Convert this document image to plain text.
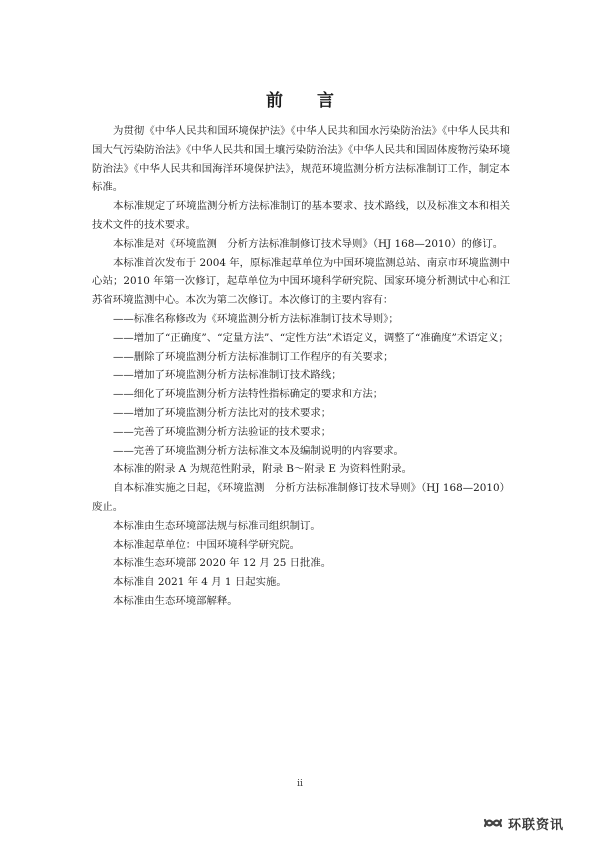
前 言

为贯彻《中华人民共和国环境保护法》《中华人民共和国水污染防治法》《中华人民共和国大气污染防治法》《中华人民共和国土壤污染防治法》《中华人民共和国固体废物污染环境防治法》《中华人民共和国海洋环境保护法》，规范环境监测分析方法标准制订工作，制定本标准。

本标准规定了环境监测分析方法标准制订的基本要求、技术路线，以及标准文本和相关技术文件的技术要求。

本标准是对《环境监测　分析方法标准制修订技术导则》（HJ 168—2010）的修订。

本标准首次发布于 2004 年，原标准起草单位为中国环境监测总站、南京市环境监测中心站；2010 年第一次修订，起草单位为中国环境科学研究院、国家环境分析测试中心和江苏省环境监测中心。本次为第二次修订。本次修订的主要内容有：

——标准名称修改为《环境监测分析方法标准制订技术导则》；

——增加了“正确度”、“定量方法”、“定性方法”术语定义，调整了“准确度”术语定义；

——删除了环境监测分析方法标准制订工作程序的有关要求；

——增加了环境监测分析方法标准制订技术路线；

——细化了环境监测分析方法特性指标确定的要求和方法；

——增加了环境监测分析方法比对的技术要求；

——完善了环境监测分析方法验证的技术要求；

——完善了环境监测分析方法标准文本及编制说明的内容要求。

本标准的附录 A 为规范性附录，附录 B～附录 E 为资料性附录。

自本标准实施之日起，《环境监测　分析方法标准制修订技术导则》（HJ 168—2010）废止。

本标准由生态环境部法规与标准司组织制订。

本标准起草单位：中国环境科学研究院。

本标准生态环境部 2020 年 12 月 25 日批准。

本标准自 2021 年 4 月 1 日起实施。

本标准由生态环境部解释。

ii
环联资讯
